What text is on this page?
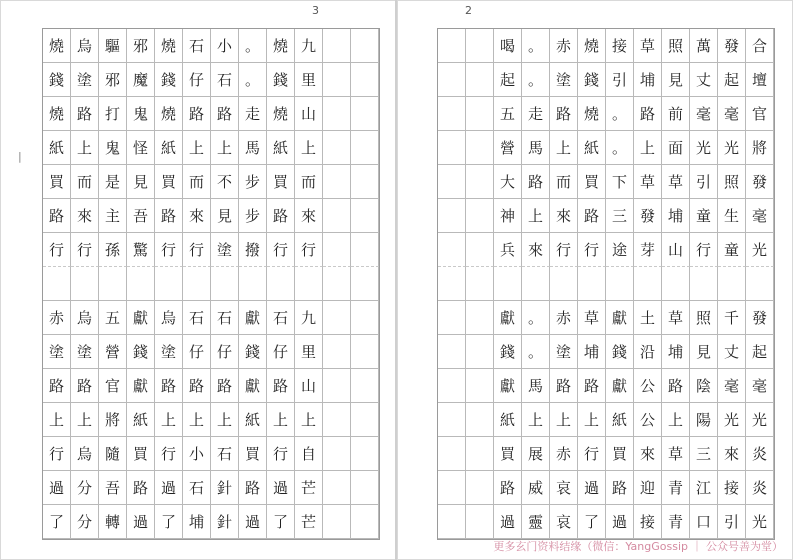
3
|
燒 烏 驅 邪 燒 石 小 。 燒 九
錢 塗 邪 魔 錢 仔 石 。 錢 里
燒 路 打 鬼 燒 路 路 走 燒 山
紙 上 鬼 怪 紙 上 上 馬 紙 上
買 而 是 見 買 而 不 步 買 而
路 來 主 吾 路 來 見 步 路 來
行 行 孫 驚 行 行 塗 撥 行 行
赤 烏 五 獻 烏 石 石 獻 石 九
塗 塗 營 錢 塗 仔 仔 錢 仔 里
路 路 官 獻 路 路 路 獻 路 山
上 上 將 紙 上 上 上 紙 上 上
行 烏 隨 買 行 小 石 買 行 自
過 分 吾 路 過 石 針 路 過 芒
了 分 轉 過 了 埔 針 過 了 芒
2
喝 。 赤 燒 接 草 照 萬 發 合
起 。 塗 錢 引 埔 見 丈 起 壇
五 走 路 燒 。 路 前 毫 毫 官
營 馬 上 紙 。 上 面 光 光 將
大 路 而 買 下 草 草 引 照 發
神 上 來 路 三 發 埔 童 生 毫
兵 來 行 行 途 芽 山 行 童 光
獻 。 赤 草 獻 土 草 照 千 發
錢 。 塗 埔 錢 沿 埔 見 丈 起
獻 馬 路 路 獻 公 路 陰 毫 毫
紙 上 上 上 紙 公 上 陽 光 光
買 展 赤 行 買 來 草 三 來 炎
路 威 哀 過 路 迎 青 江 接 炎
過 靈 哀 了 過 接 青 口 引 光
更多玄门资料结缘（微信：YangGossip ｜ 公众号善为堂）
